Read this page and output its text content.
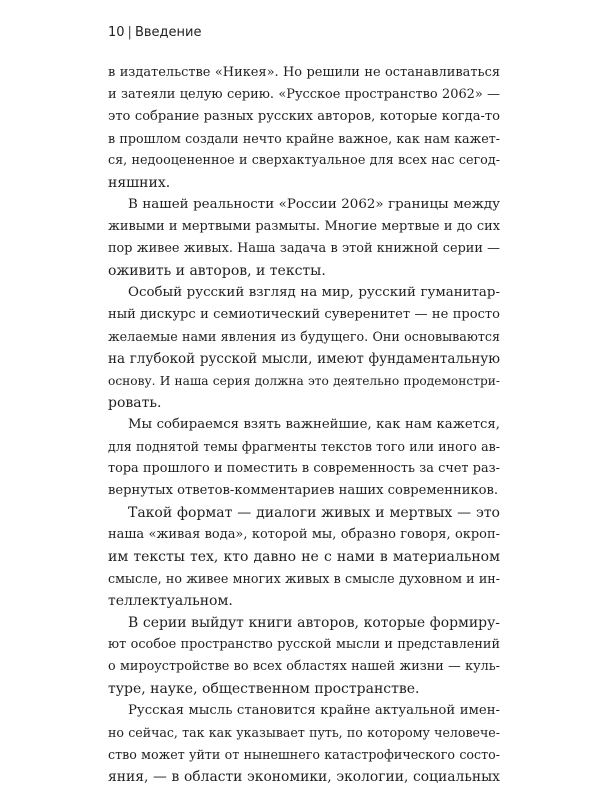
10 | Введение
в издательстве «Никея». Но решили не останавливаться
и затеяли целую серию. «Русское пространство 2062» —
это собрание разных русских авторов, которые когда-то
в прошлом создали нечто крайне важное, как нам кажет-
ся, недооцененное и сверхактуальное для всех нас сегод-
няшних.
В нашей реальности «России 2062» границы между
живыми и мертвыми размыты. Многие мертвые и до сих
пор живее живых. Наша задача в этой книжной серии —
оживить и авторов, и тексты.
Особый русский взгляд на мир, русский гуманитар-
ный дискурс и семиотический суверенитет — не просто
желаемые нами явления из будущего. Они основываются
на глубокой русской мысли, имеют фундаментальную
основу. И наша серия должна это деятельно продемонстри-
ровать.
Мы собираемся взять важнейшие, как нам кажется,
для поднятой темы фрагменты текстов того или иного ав-
тора прошлого и поместить в современность за счет раз-
вернутых ответов-комментариев наших современников.
Такой формат — диалоги живых и мертвых — это
наша «живая вода», которой мы, образно говоря, окроп-
им тексты тех, кто давно не с нами в материальном
смысле, но живее многих живых в смысле духовном и ин-
теллектуальном.
В серии выйдут книги авторов, которые формиру-
ют особое пространство русской мысли и представлений
о мироустройстве во всех областях нашей жизни — куль-
туре, науке, общественном пространстве.
Русская мысль становится крайне актуальной имен-
но сейчас, так как указывает путь, по которому человече-
ство может уйти от нынешнего катастрофического состо-
яния, — в области экономики, экологии, социальных
